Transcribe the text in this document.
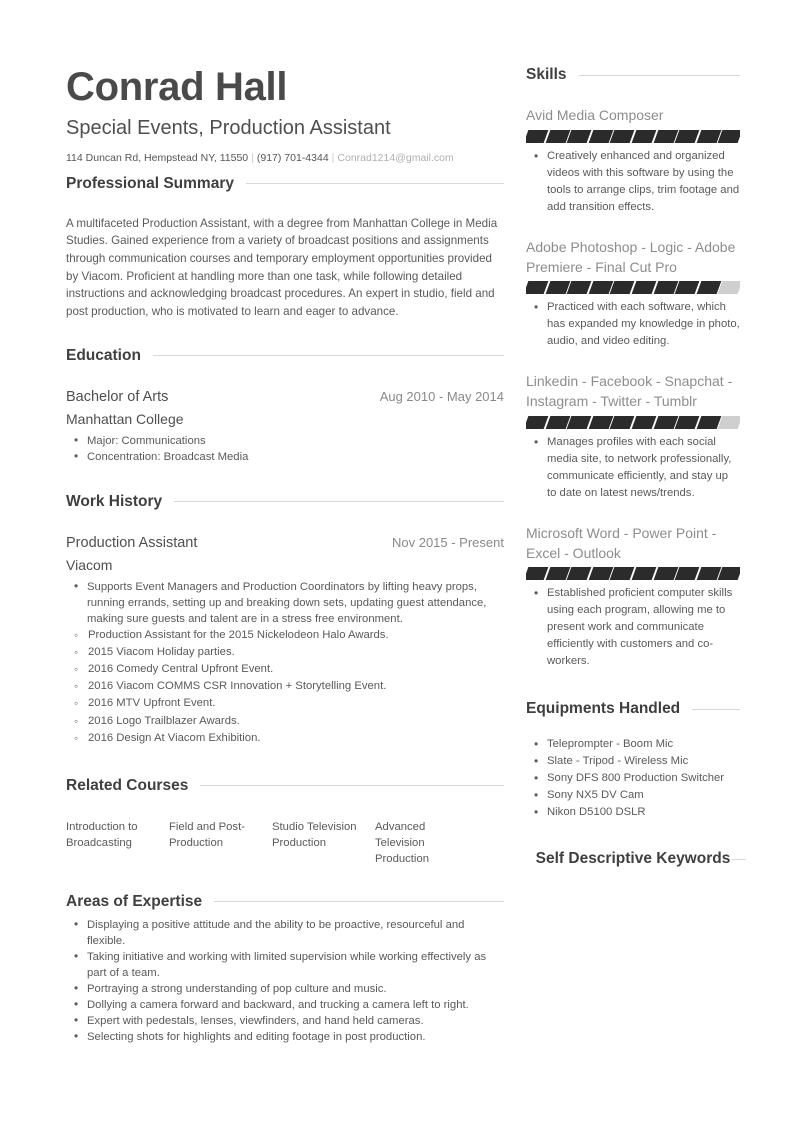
Conrad Hall
Special Events, Production Assistant
114 Duncan Rd, Hempstead NY, 11550 | (917) 701-4344 | Conrad1214@gmail.com
Professional Summary

A multifaceted Production Assistant, with a degree from Manhattan College in Media Studies. Gained experience from a variety of broadcast positions and assignments through communication courses and temporary employment opportunities provided by Viacom. Proficient at handling more than one task, while following detailed instructions and acknowledging broadcast procedures. An expert in studio, field and post production, who is motivated to learn and eager to advance.

Education
Bachelor of Arts	Aug 2010 - May 2014
Manhattan College
• Major: Communications
• Concentration: Broadcast Media
Work History
Production Assistant	Nov 2015 - Present
Viacom
• Supports Event Managers and Production Coordinators by lifting heavy props, running errands, setting up and breaking down sets, updating guest attendance, making sure guests and talent are in a stress free environment.
◦ Production Assistant for the 2015 Nickelodeon Halo Awards.
◦ 2015 Viacom Holiday parties.
◦ 2016 Comedy Central Upfront Event.
◦ 2016 Viacom COMMS CSR Innovation + Storytelling Event.
◦ 2016 MTV Upfront Event.
◦ 2016 Logo Trailblazer Awards.
◦ 2016 Design At Viacom Exhibition.
Related Courses
Introduction to Broadcasting
Field and Post-Production
Studio Television Production
Advanced Television Production
Areas of Expertise
• Displaying a positive attitude and the ability to be proactive, resourceful and flexible.
• Taking initiative and working with limited supervision while working effectively as part of a team.
• Portraying a strong understanding of pop culture and music.
• Dollying a camera forward and backward, and trucking a camera left to right.
• Expert with pedestals, lenses, viewfinders, and hand held cameras.
• Selecting shots for highlights and editing footage in post production.
Skills
Avid Media Composer
• Creatively enhanced and organized videos with this software by using the tools to arrange clips, trim footage and add transition effects.
Adobe Photoshop - Logic - Adobe Premiere - Final Cut Pro
• Practiced with each software, which has expanded my knowledge in photo, audio, and video editing.
Linkedin - Facebook - Snapchat - Instagram - Twitter - Tumblr
• Manages profiles with each social media site, to network professionally, communicate efficiently, and stay up to date on latest news/trends.
Microsoft Word - Power Point - Excel - Outlook
• Established proficient computer skills using each program, allowing me to present work and communicate efficiently with customers and co-workers.
Equipments Handled
• Teleprompter - Boom Mic
• Slate - Tripod - Wireless Mic
• Sony DFS 800 Production Switcher
• Sony NX5 DV Cam
• Nikon D5100 DSLR
Self Descriptive Keywords
